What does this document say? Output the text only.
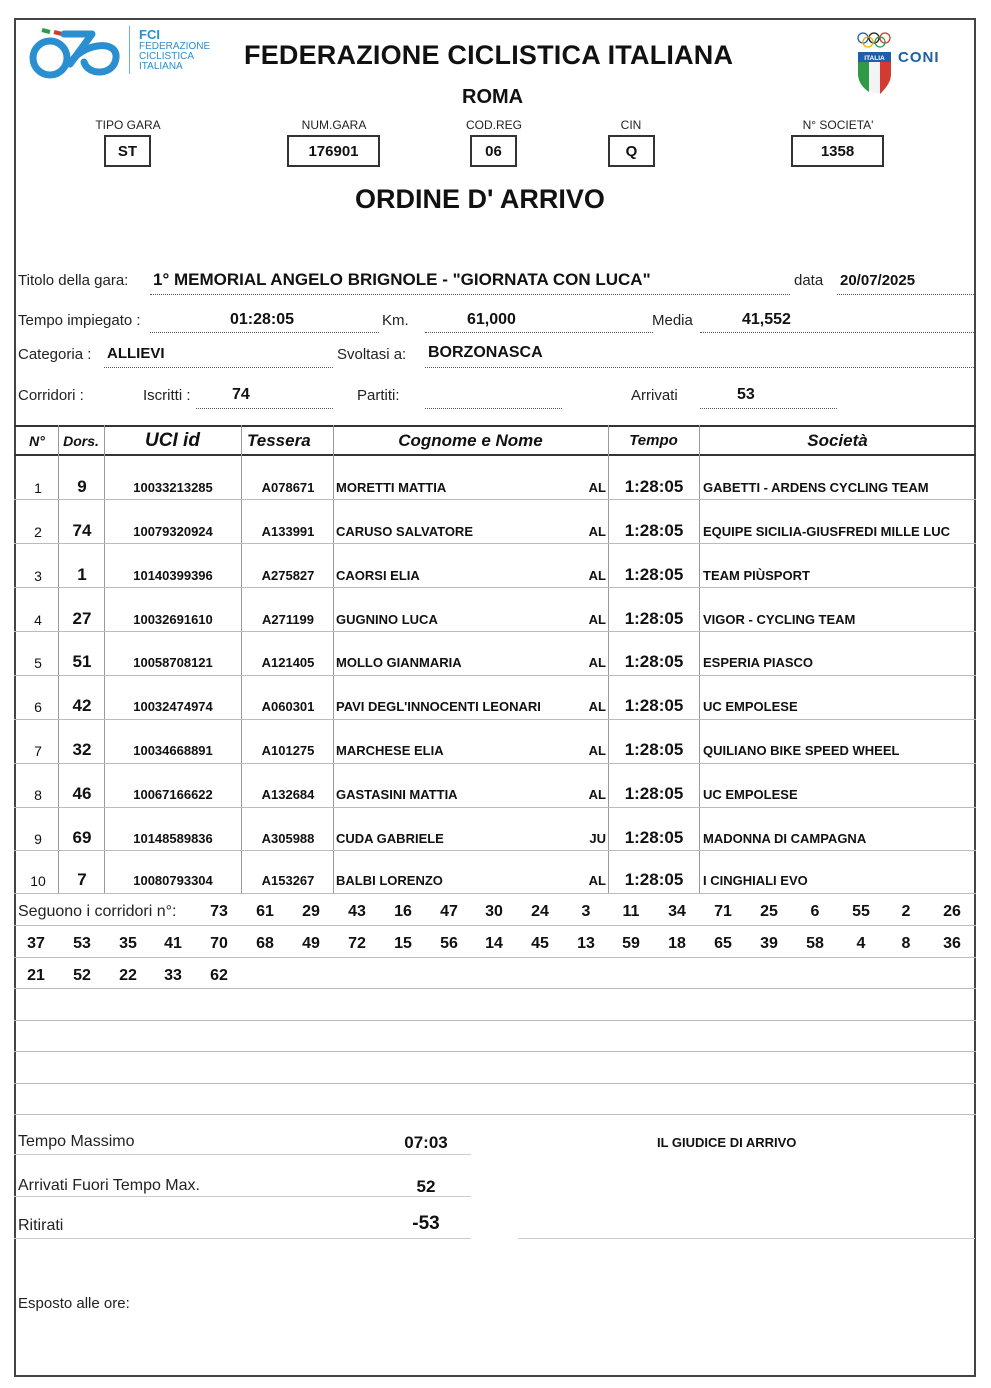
FCI
FEDERAZIONE
CICLISTICA
ITALIANA	FEDERAZIONE CICLISTICA ITALIANA
ROMA
ITALIA CONI
TIPO GARA
ST
NUM.GARA
176901
COD.REG
06
CIN
Q
N° SOCIETA'
1358
ORDINE D' ARRIVO
Titolo della gara: 1° MEMORIAL ANGELO BRIGNOLE - "GIORNATA CON LUCA"	data 20/07/2025
Tempo impiegato :	01:28:05	Km.	61,000	Media	41,552
Categoria : ALLIEVI	Svoltasi a: BORZONASCA
Corridori :	Iscritti :	74	Partiti:	Arrivati	53
N°	Dors.	UCI id	Tessera	Cognome e Nome	Tempo	Società
1	9	10033213285	A078671	MORETTI MATTIA	AL	1:28:05	GABETTI - ARDENS CYCLING TEAM
2	74	10079320924	A133991	CARUSO SALVATORE	AL	1:28:05	EQUIPE SICILIA-GIUSFREDI MILLE LUC
3	1	10140399396	A275827	CAORSI ELIA	AL	1:28:05	TEAM PIÙSPORT
4	27	10032691610	A271199	GUGNINO LUCA	AL	1:28:05	VIGOR - CYCLING TEAM
5	51	10058708121	A121405	MOLLO GIANMARIA	AL	1:28:05	ESPERIA PIASCO
6	42	10032474974	A060301	PAVI DEGL'INNOCENTI LEONARI	AL	1:28:05	UC EMPOLESE
7	32	10034668891	A101275	MARCHESE ELIA	AL	1:28:05	QUILIANO BIKE SPEED WHEEL
8	46	10067166622	A132684	GASTASINI MATTIA	AL	1:28:05	UC EMPOLESE
9	69	10148589836	A305988	CUDA GABRIELE	JU	1:28:05	MADONNA DI CAMPAGNA
10	7	10080793304	A153267	BALBI LORENZO	AL	1:28:05	I CINGHIALI EVO
Seguono i corridori n°:	73	61	29	43	16	47	30	24	3	11	34	71	25	6	55	2	26
37	53	35	41	70	68	49	72	15	56	14	45	13	59	18	65	39	58	4	8	36
21	52	22	33	62
Tempo Massimo	07:03	IL GIUDICE DI ARRIVO
Arrivati Fuori Tempo Max.	52
Ritirati	-53
Esposto alle ore:
